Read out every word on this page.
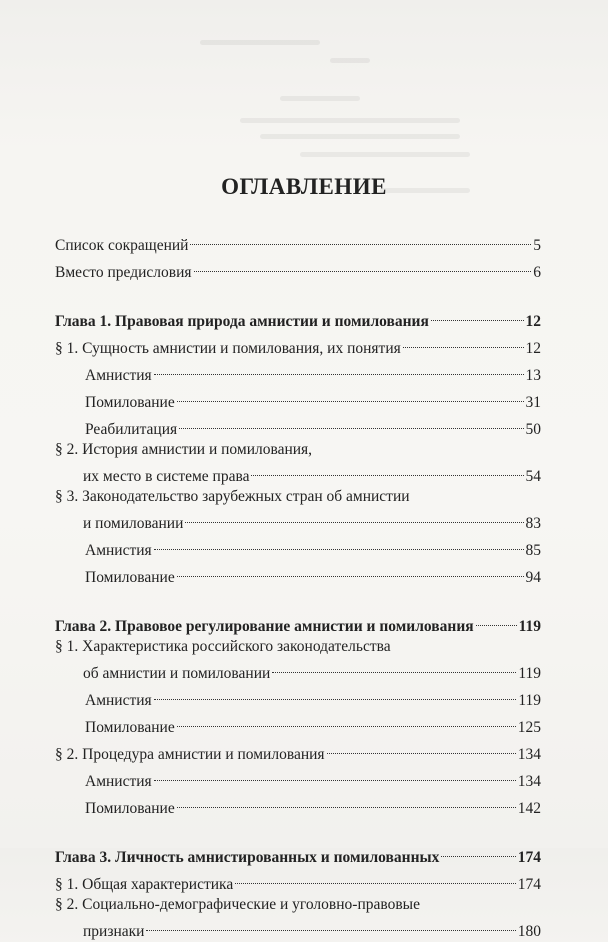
ОГЛАВЛЕНИЕ
Список сокращений	5
Вместо предисловия	6
Глава 1. Правовая природа амнистии и помилования	12
§ 1. Сущность амнистии и помилования, их понятия	12
Амнистия	13
Помилование	31
Реабилитация	50
§ 2. История амнистии и помилования,
их место в системе права	54
§ 3. Законодательство зарубежных стран об амнистии
и помиловании	83
Амнистия	85
Помилование	94
Глава 2. Правовое регулирование амнистии и помилования	119
§ 1. Характеристика российского законодательства
об амнистии и помиловании	119
Амнистия	119
Помилование	125
§ 2. Процедура амнистии и помилования	134
Амнистия	134
Помилование	142
Глава 3. Личность амнистированных и помилованных	174
§ 1. Общая характеристика	174
§ 2. Социально-демографические и уголовно-правовые
признаки	180
